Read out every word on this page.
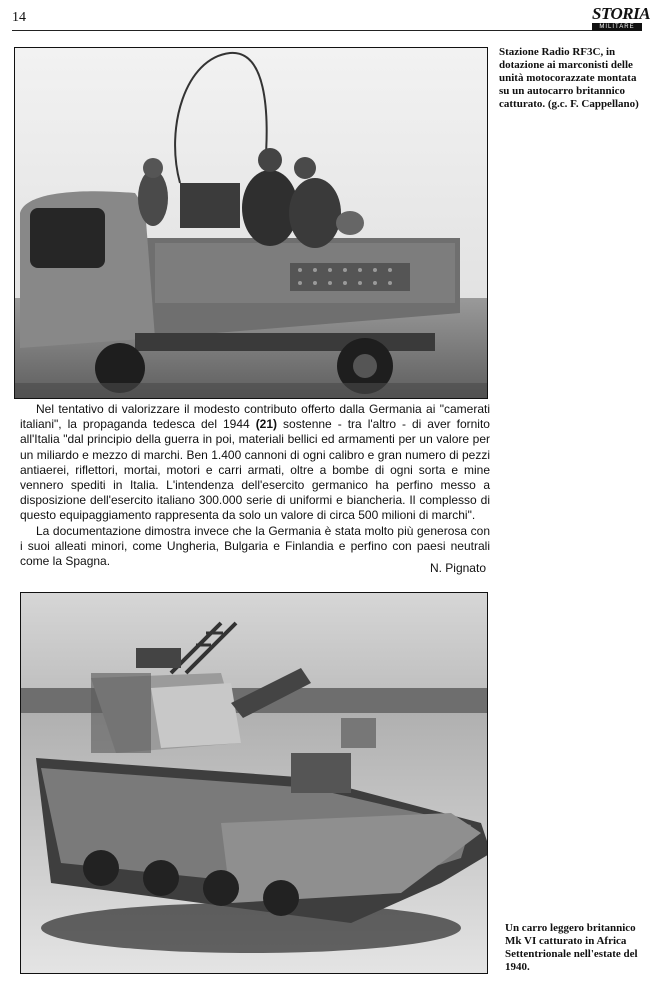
14	STORIA
MILITARE
Stazione Radio RF3C, in dotazione ai marconisti delle unità motocorazzate montata su un autocarro britannico catturato. (g.c. F. Cappellano)

Nel tentativo di valorizzare il modesto contributo offerto dalla Germania ai "camerati italiani", la propaganda tedesca del 1944 (21) sostenne - tra l'altro - di aver fornito all'Italia "dal principio della guerra in poi, materiali bellici ed armamenti per un valore per un miliardo e mezzo di marchi. Ben 1.400 cannoni di ogni calibro e gran numero di pezzi antiaerei, riflettori, mortai, motori e carri armati, oltre a bombe di ogni sorta e mine vennero spediti in Italia. L'intendenza dell'esercito germanico ha perfino messo a disposizione dell'esercito italiano 300.000 serie di uniformi e biancheria. Il complesso di questo equipaggiamento rappresenta da solo un valore di circa 500 milioni di marchi".

La documentazione dimostra invece che la Germania è stata molto più generosa con i suoi alleati minori, come Ungheria, Bulgaria e Finlandia e perfino con paesi neutrali come la Spagna.	N. Pignato
Un carro leggero britannico Mk VI catturato in Africa Settentrionale nell'estate del 1940.
